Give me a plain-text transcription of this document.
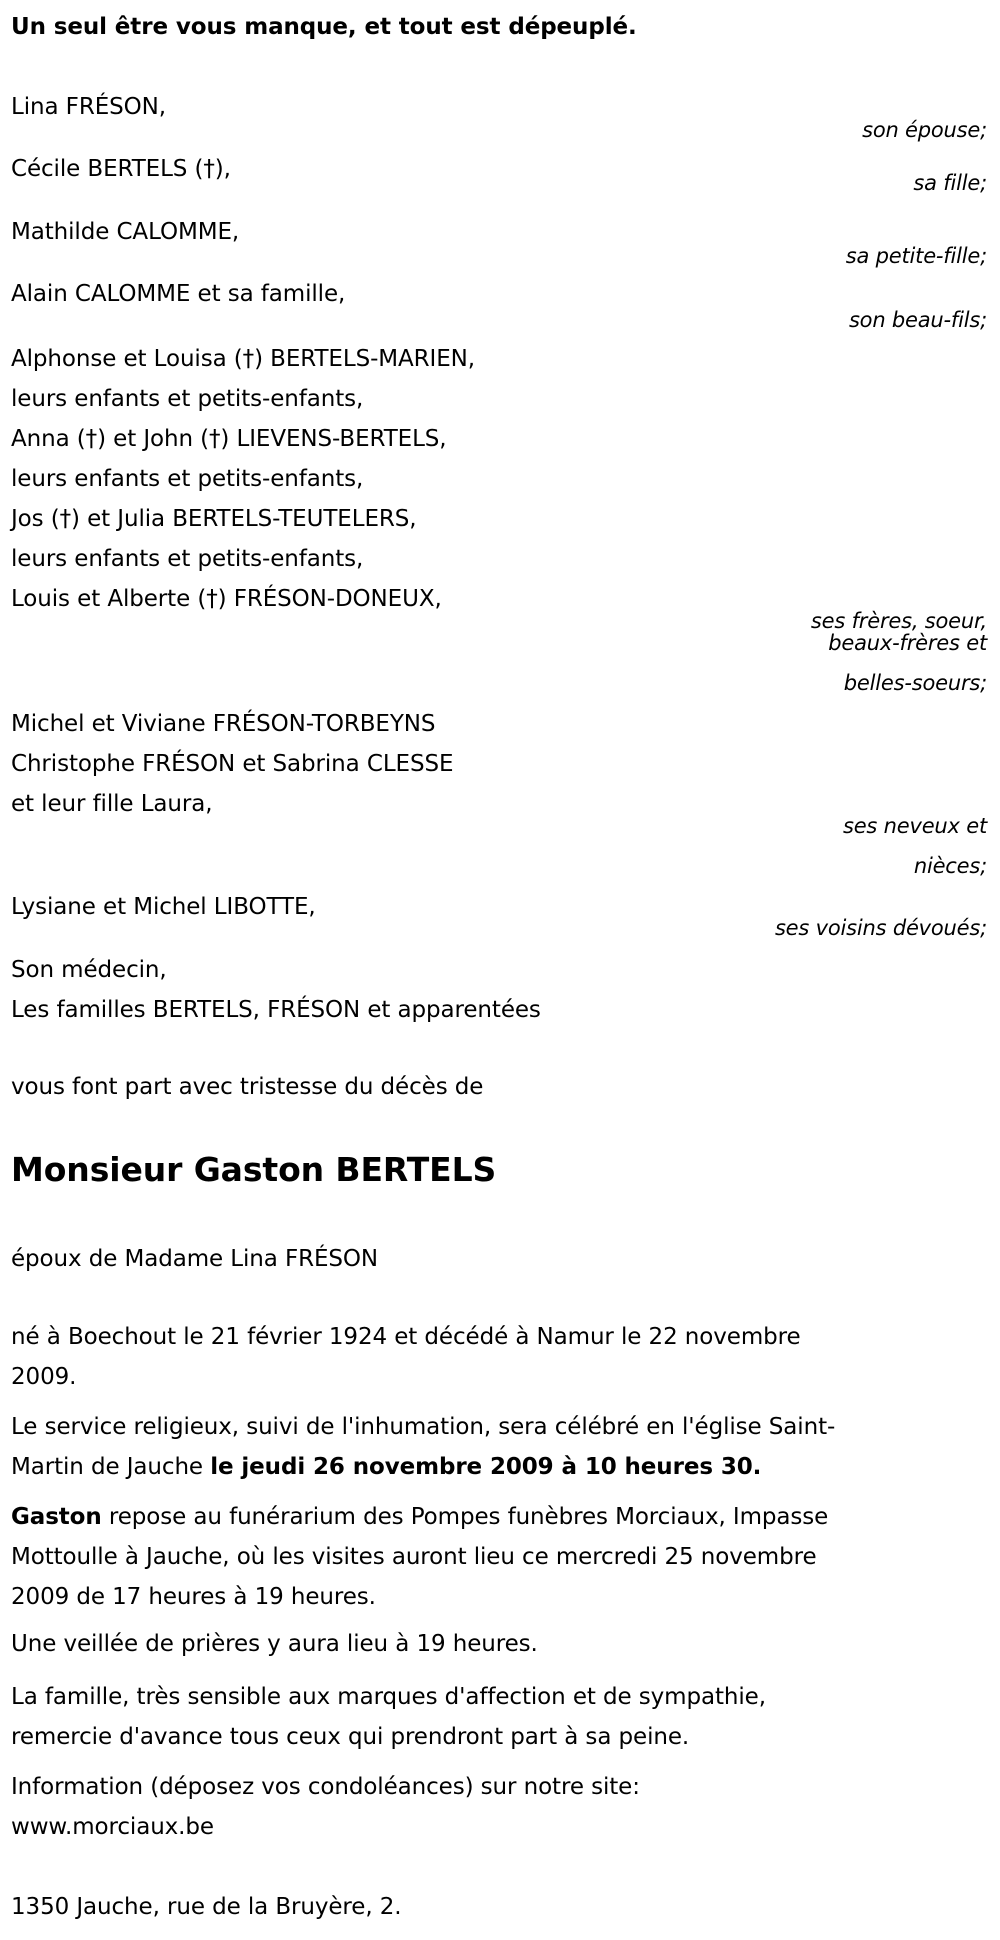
Un seul être vous manque, et tout est dépeuplé.
Lina FRÉSON,
son épouse;
Cécile BERTELS (†),
sa fille;
Mathilde CALOMME,
sa petite-fille;
Alain CALOMME et sa famille,
son beau-fils;
Alphonse et Louisa (†) BERTELS-MARIEN,
leurs enfants et petits-enfants,
Anna (†) et John (†) LIEVENS-BERTELS,
leurs enfants et petits-enfants,
Jos (†) et Julia BERTELS-TEUTELERS,
leurs enfants et petits-enfants,
Louis et Alberte (†) FRÉSON-DONEUX,
ses frères, soeur,
beaux-frères et
belles-soeurs;
Michel et Viviane FRÉSON-TORBEYNS
Christophe FRÉSON et Sabrina CLESSE
et leur fille Laura,
ses neveux et
nièces;
Lysiane et Michel LIBOTTE,
ses voisins dévoués;
Son médecin,
Les familles BERTELS, FRÉSON et apparentées
vous font part avec tristesse du décès de
Monsieur Gaston BERTELS
époux de Madame Lina FRÉSON
né à Boechout le 21 février 1924 et décédé à Namur le 22 novembre
2009.
Le service religieux, suivi de l'inhumation, sera célébré en l'église Saint-
Martin de Jauche le jeudi 26 novembre 2009 à 10 heures 30.
Gaston repose au funérarium des Pompes funèbres Morciaux, Impasse
Mottoulle à Jauche, où les visites auront lieu ce mercredi 25 novembre
2009 de 17 heures à 19 heures.
Une veillée de prières y aura lieu à 19 heures.
La famille, très sensible aux marques d'affection et de sympathie,
remercie d'avance tous ceux qui prendront part à sa peine.
Information (déposez vos condoléances) sur notre site:
www.morciaux.be
1350 Jauche, rue de la Bruyère, 2.
